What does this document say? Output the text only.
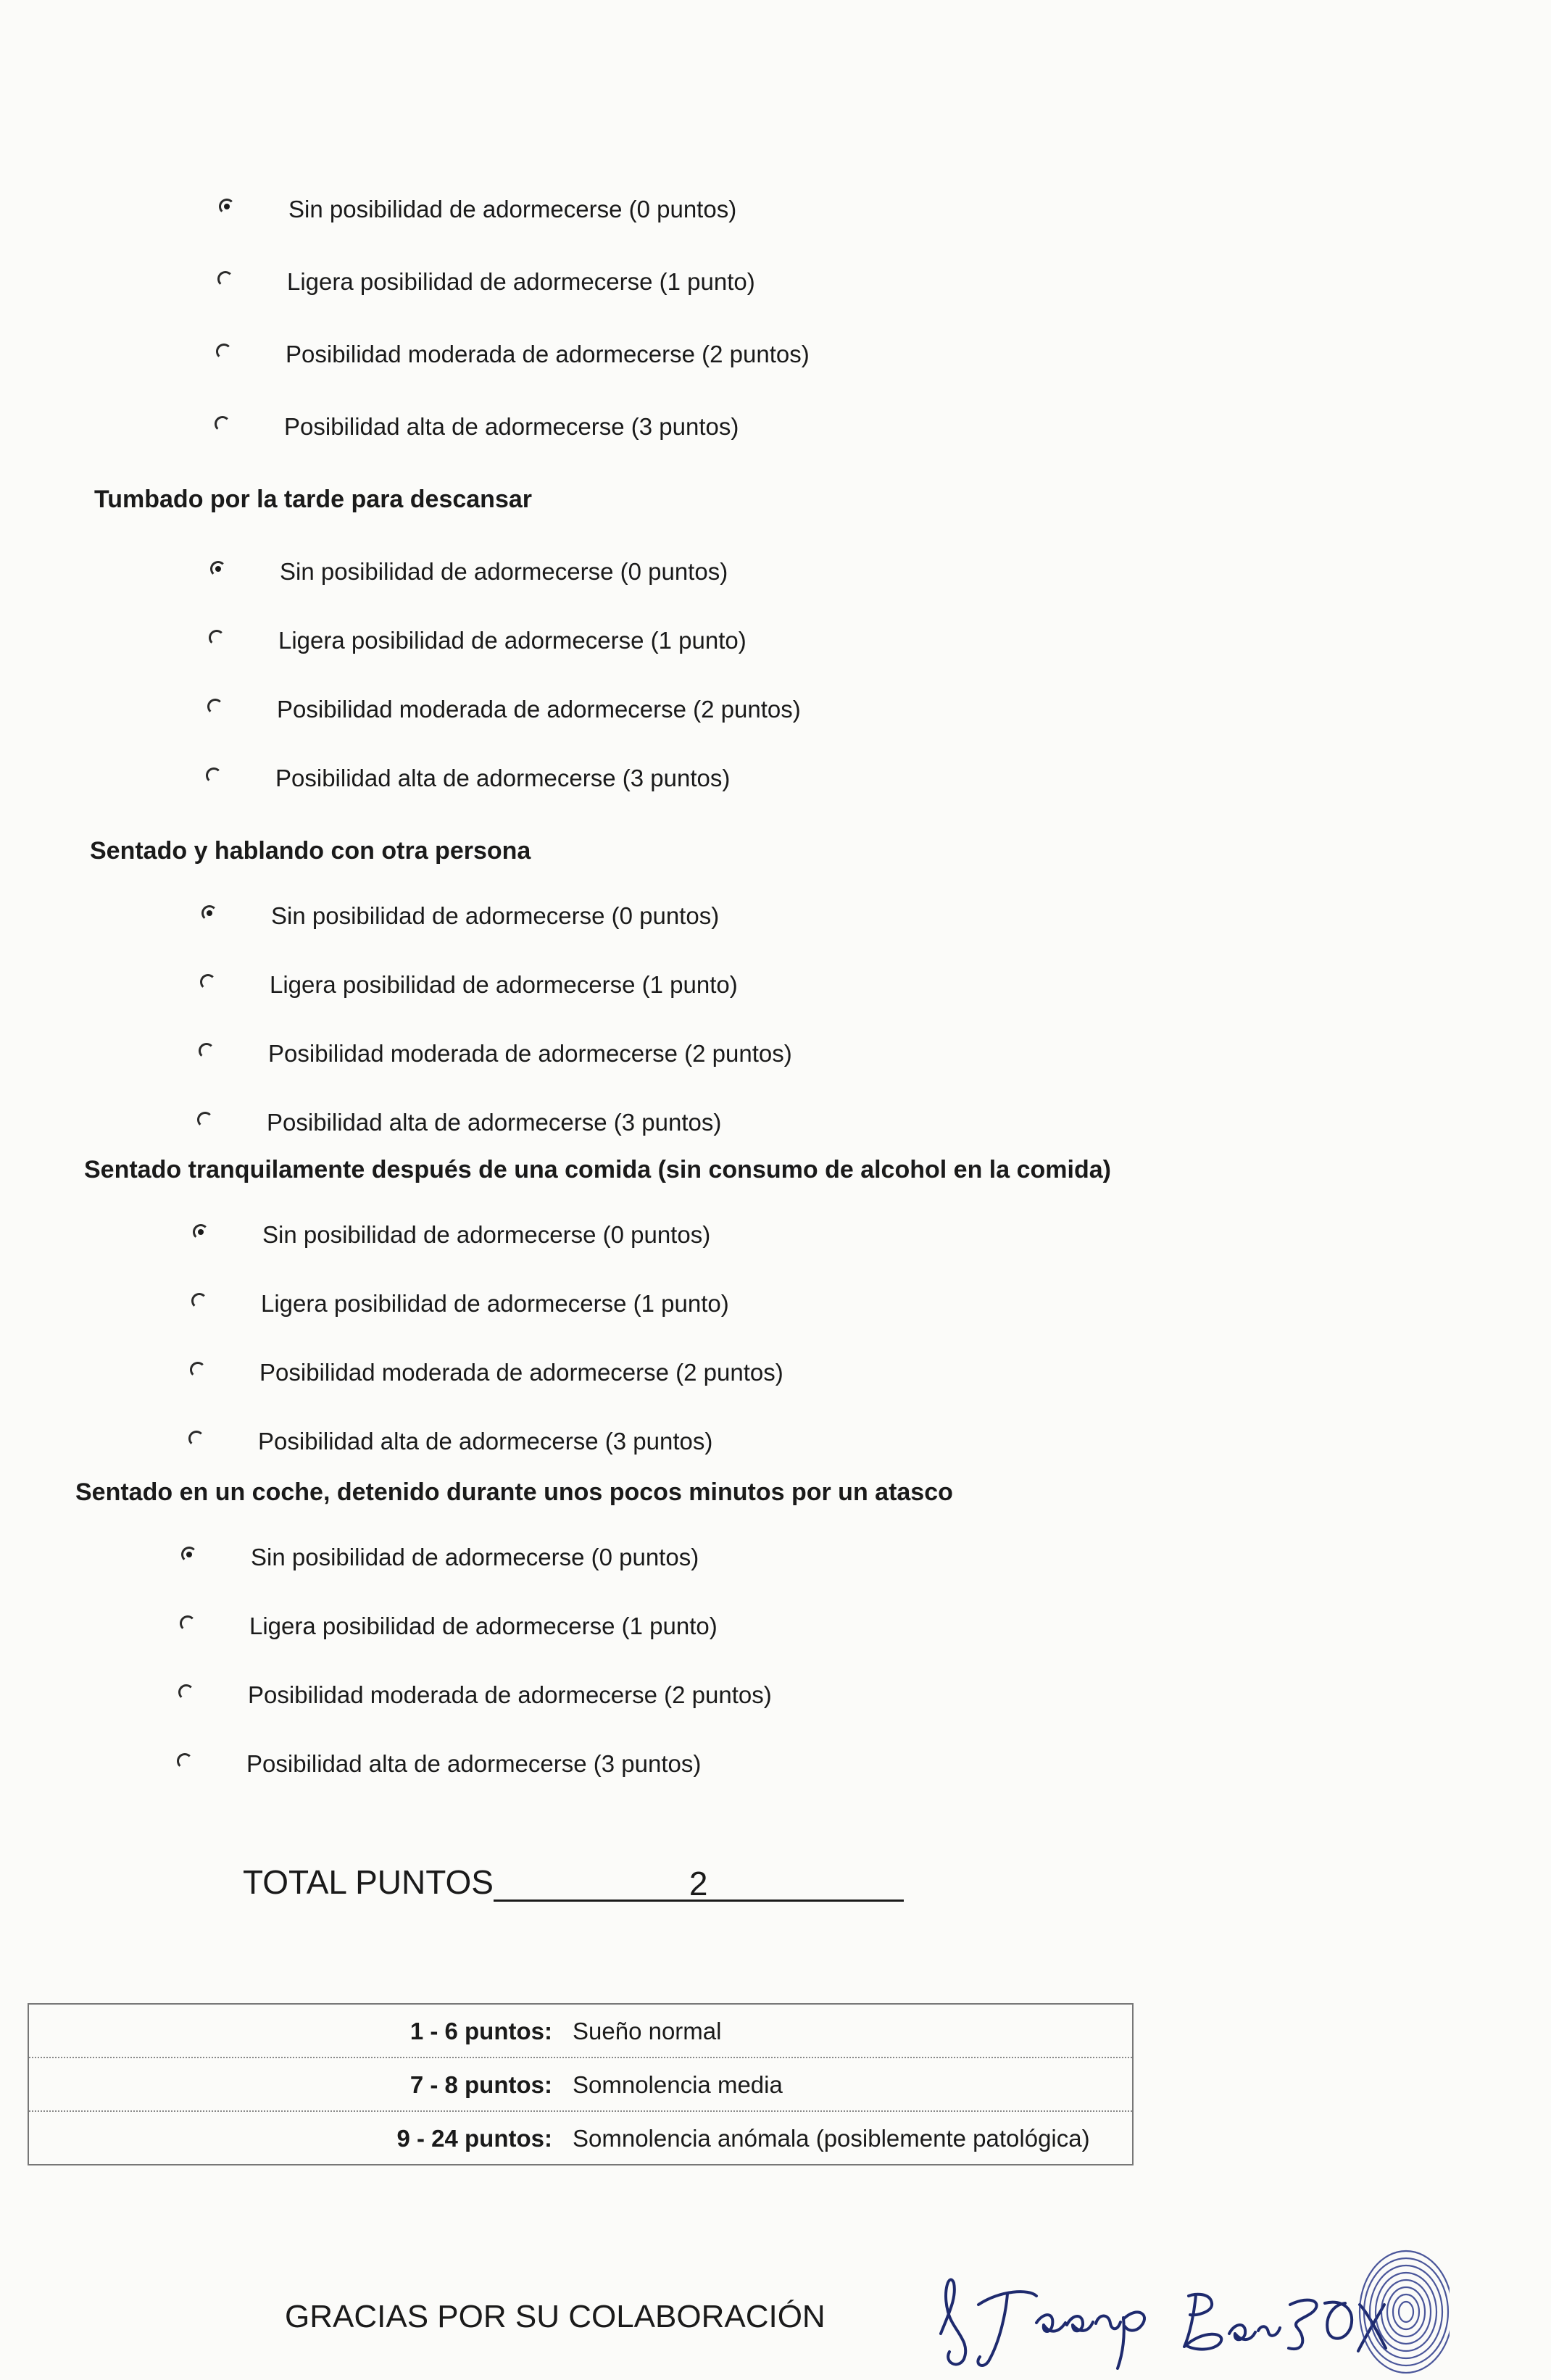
Sin posibilidad de adormecerse (0 puntos)
Ligera posibilidad de adormecerse (1 punto)
Posibilidad moderada de adormecerse (2 puntos)
Posibilidad alta de adormecerse (3 puntos)
Tumbado por la tarde para descansar
Sin posibilidad de adormecerse (0 puntos)
Ligera posibilidad de adormecerse (1 punto)
Posibilidad moderada de adormecerse (2 puntos)
Posibilidad alta de adormecerse (3 puntos)
Sentado y hablando con otra persona
Sin posibilidad de adormecerse (0 puntos)
Ligera posibilidad de adormecerse (1 punto)
Posibilidad moderada de adormecerse (2 puntos)
Posibilidad alta de adormecerse (3 puntos)
Sentado tranquilamente después de una comida (sin consumo de alcohol en la comida)
Sin posibilidad de adormecerse (0 puntos)
Ligera posibilidad de adormecerse (1 punto)
Posibilidad moderada de adormecerse (2 puntos)
Posibilidad alta de adormecerse (3 puntos)
Sentado en un coche, detenido durante unos pocos minutos por un atasco
Sin posibilidad de adormecerse (0 puntos)
Ligera posibilidad de adormecerse (1 punto)
Posibilidad moderada de adormecerse (2 puntos)
Posibilidad alta de adormecerse (3 puntos)
TOTAL PUNTOS	2
1 - 6 puntos: Sueño normal
7 - 8 puntos: Somnolencia media
9 - 24 puntos: Somnolencia anómala (posiblemente patológica)
GRACIAS POR SU COLABORACIÓN
